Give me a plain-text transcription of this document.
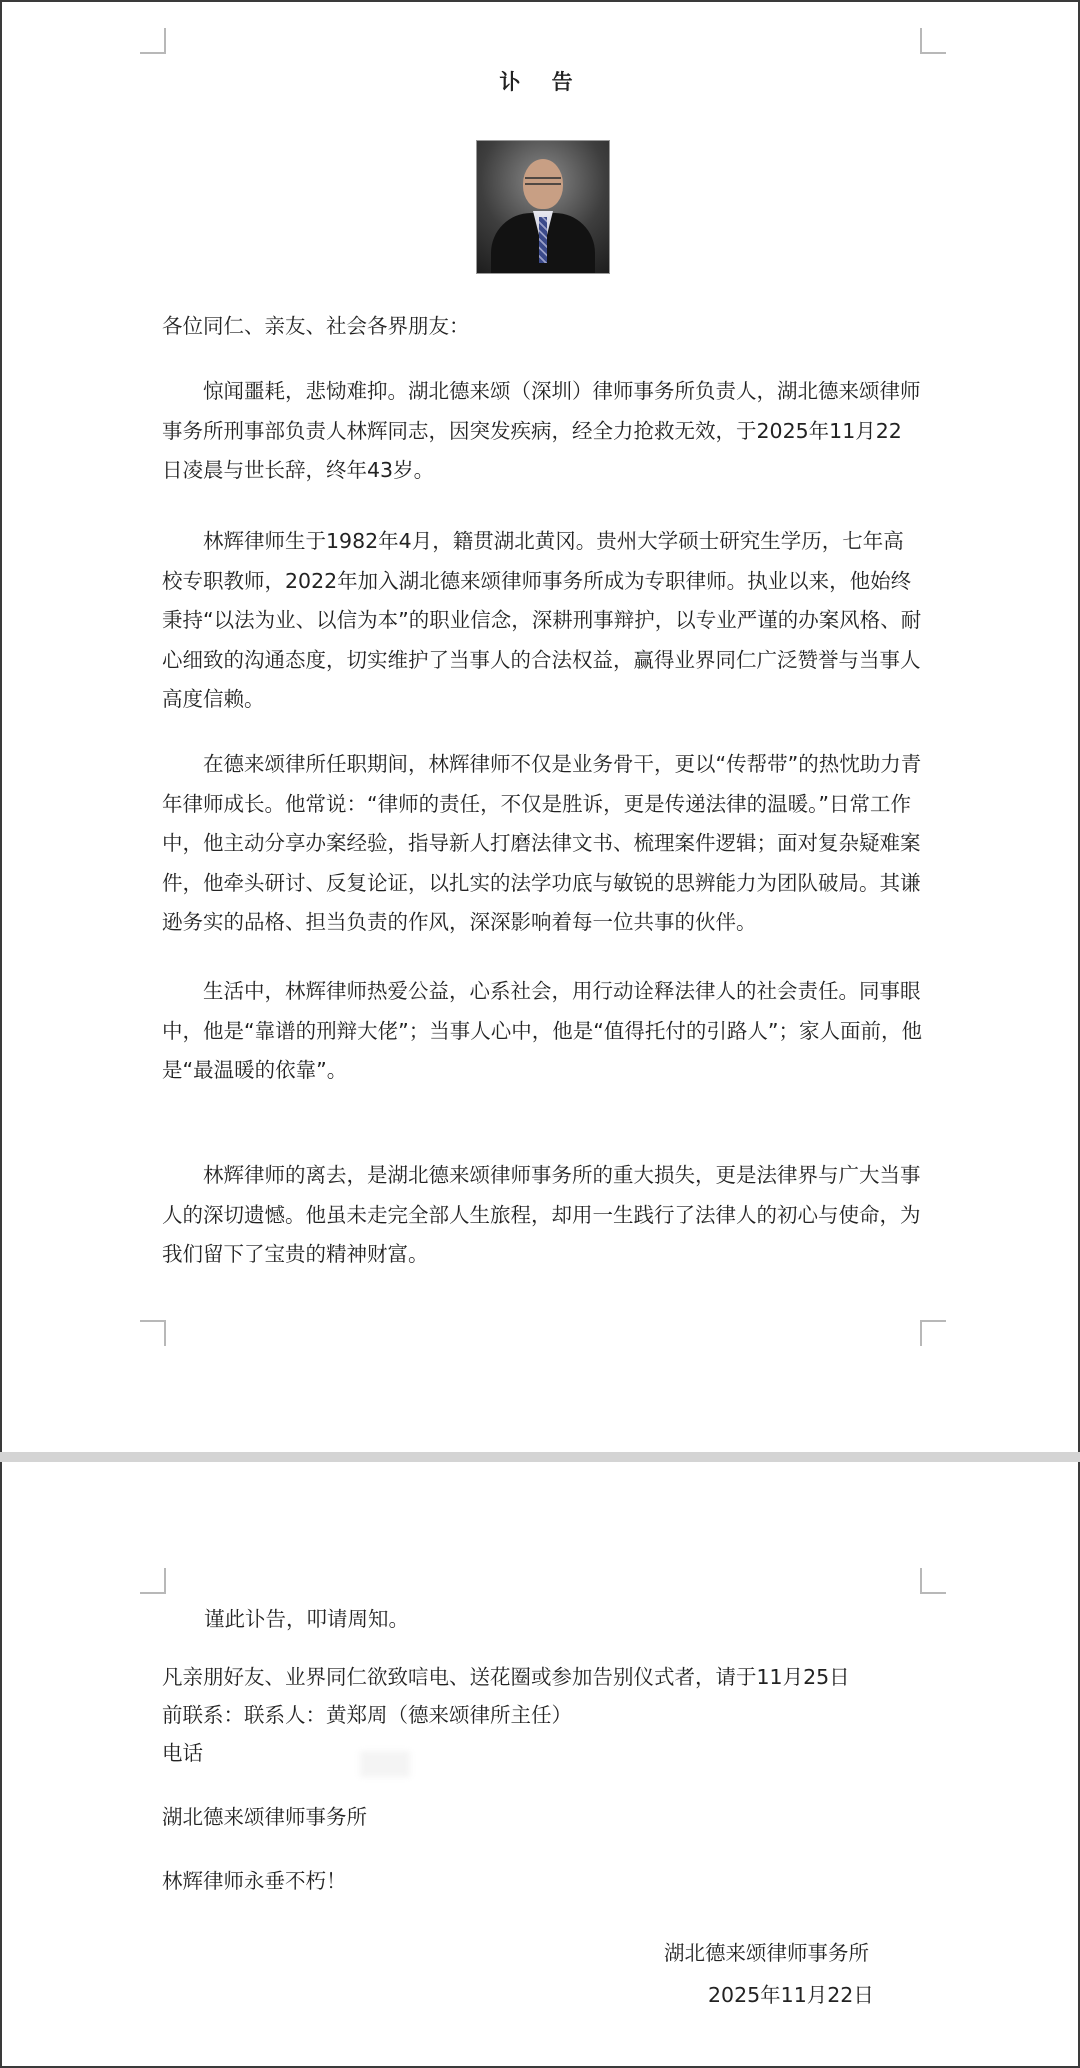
讣 告

各位同仁、亲友、社会各界朋友：

惊闻噩耗，悲恸难抑。湖北德来颂（深圳）律师事务所负责人，湖北德来颂律师事务所刑事部负责人林辉同志，因突发疾病，经全力抢救无效，于2025年11月22日凌晨与世长辞，终年43岁。

林辉律师生于1982年4月，籍贯湖北黄冈。贵州大学硕士研究生学历，七年高校专职教师，2022年加入湖北德来颂律师事务所成为专职律师。执业以来，他始终秉持“以法为业、以信为本”的职业信念，深耕刑事辩护，以专业严谨的办案风格、耐心细致的沟通态度，切实维护了当事人的合法权益，赢得业界同仁广泛赞誉与当事人高度信赖。

在德来颂律所任职期间，林辉律师不仅是业务骨干，更以“传帮带”的热忱助力青年律师成长。他常说：“律师的责任，不仅是胜诉，更是传递法律的温暖。”日常工作中，他主动分享办案经验，指导新人打磨法律文书、梳理案件逻辑；面对复杂疑难案件，他牵头研讨、反复论证，以扎实的法学功底与敏锐的思辨能力为团队破局。其谦逊务实的品格、担当负责的作风，深深影响着每一位共事的伙伴。

生活中，林辉律师热爱公益，心系社会，用行动诠释法律人的社会责任。同事眼中，他是“靠谱的刑辩大佬”；当事人心中，他是“值得托付的引路人”；家人面前，他是“最温暖的依靠”。

林辉律师的离去，是湖北德来颂律师事务所的重大损失，更是法律界与广大当事人的深切遗憾。他虽未走完全部人生旅程，却用一生践行了法律人的初心与使命，为我们留下了宝贵的精神财富。

谨此讣告，叩请周知。

凡亲朋好友、业界同仁欲致唁电、送花圈或参加告别仪式者，请于11月25日

前联系：联系人：黄郑周（德来颂律所主任）

电话

湖北德来颂律师事务所

林辉律师永垂不朽！

湖北德来颂律师事务所

2025年11月22日
